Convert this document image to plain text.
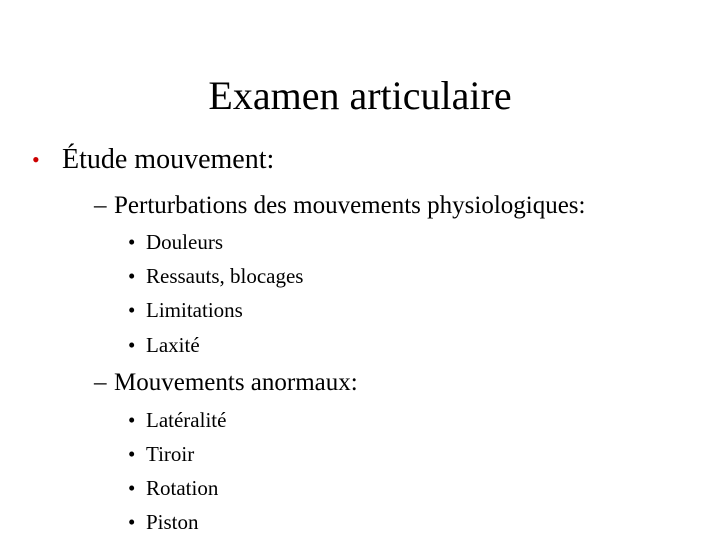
Examen articulaire
• Étude mouvement:
– Perturbations des mouvements physiologiques:
• Douleurs
• Ressauts, blocages
• Limitations
• Laxité
– Mouvements anormaux:
• Latéralité
• Tiroir
• Rotation
• Piston
